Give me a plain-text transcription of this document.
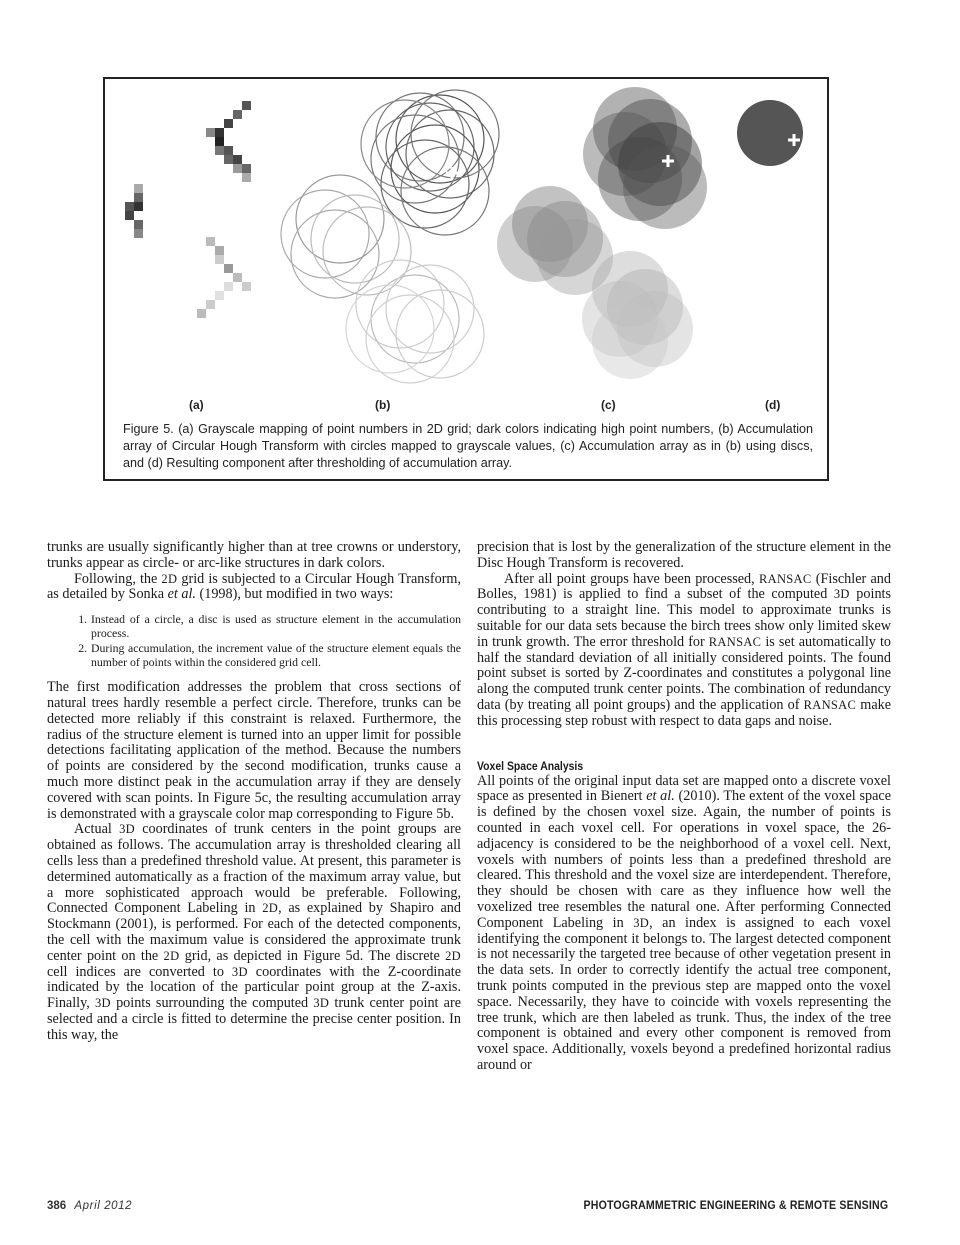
(a)	(b)	(c)	(d)
Figure 5. (a) Grayscale mapping of point numbers in 2D grid; dark colors indicating high point numbers, (b) Accumulation array of Circular Hough Transform with circles mapped to grayscale values, (c) Accumulation array as in (b) using discs, and (d) Resulting component after thresholding of accumulation array.

trunks are usually significantly higher than at tree crowns or understory, trunks appear as circle- or arc-like structures in dark colors.

Following, the 2D grid is subjected to a Circular Hough Transform, as detailed by Sonka et al. (1998), but modified in two ways:

1. Instead of a circle, a disc is used as structure element in the accumulation process.
2. During accumulation, the increment value of the structure element equals the number of points within the considered grid cell.

The first modification addresses the problem that cross sections of natural trees hardly resemble a perfect circle. Therefore, trunks can be detected more reliably if this constraint is relaxed. Furthermore, the radius of the structure element is turned into an upper limit for possible detections facilitating application of the method. Because the numbers of points are considered by the second modification, trunks cause a much more distinct peak in the accumulation array if they are densely covered with scan points. In Figure 5c, the resulting accumulation array is demonstrated with a grayscale color map corresponding to Figure 5b.

Actual 3D coordinates of trunk centers in the point groups are obtained as follows. The accumulation array is thresholded clearing all cells less than a predefined threshold value. At present, this parameter is determined automatically as a fraction of the maximum array value, but a more sophisticated approach would be preferable. Following, Connected Component Labeling in 2D, as explained by Shapiro and Stockmann (2001), is performed. For each of the detected components, the cell with the maximum value is considered the approximate trunk center point on the 2D grid, as depicted in Figure 5d. The discrete 2D cell indices are converted to 3D coordinates with the Z-coordinate indicated by the location of the particular point group at the Z-axis. Finally, 3D points surrounding the computed 3D trunk center point are selected and a circle is fitted to determine the precise center position. In this way, the

precision that is lost by the generalization of the structure element in the Disc Hough Transform is recovered.

After all point groups have been processed, RANSAC (Fischler and Bolles, 1981) is applied to find a subset of the computed 3D points contributing to a straight line. This model to approximate trunks is suitable for our data sets because the birch trees show only limited skew in trunk growth. The error threshold for RANSAC is set automatically to half the standard deviation of all initially considered points. The found point subset is sorted by Z-coordinates and constitutes a polygonal line along the computed trunk center points. The combination of redundancy data (by treating all point groups) and the application of RANSAC make this processing step robust with respect to data gaps and noise.

Voxel Space Analysis

All points of the original input data set are mapped onto a discrete voxel space as presented in Bienert et al. (2010). The extent of the voxel space is defined by the chosen voxel size. Again, the number of points is counted in each voxel cell. For operations in voxel space, the 26-adjacency is considered to be the neighborhood of a voxel cell. Next, voxels with numbers of points less than a predefined threshold are cleared. This threshold and the voxel size are interdependent. Therefore, they should be chosen with care as they influence how well the voxelized tree resembles the natural one. After performing Connected Component Labeling in 3D, an index is assigned to each voxel identifying the component it belongs to. The largest detected component is not necessarily the targeted tree because of other vegetation present in the data sets. In order to correctly identify the actual tree component, trunk points computed in the previous step are mapped onto the voxel space. Necessarily, they have to coincide with voxels representing the tree trunk, which are then labeled as trunk. Thus, the index of the tree component is obtained and every other component is removed from voxel space. Additionally, voxels beyond a predefined horizontal radius around or

386 April 2012	PHOTOGRAMMETRIC ENGINEERING & REMOTE SENSING
